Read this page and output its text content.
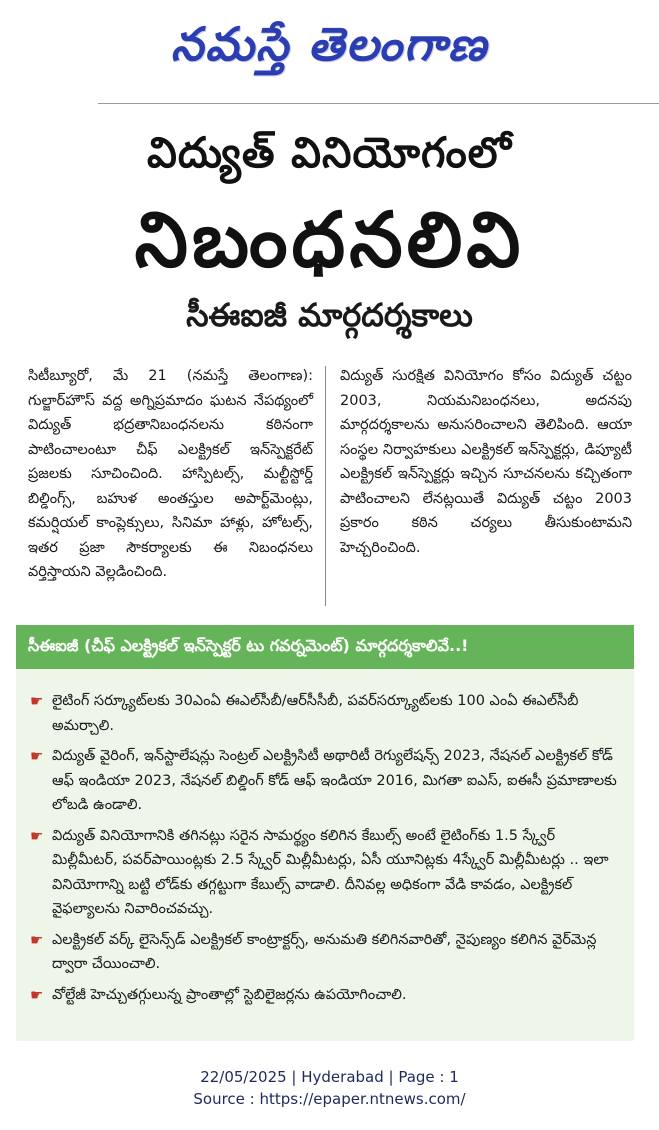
నమస్తే తెలంగాణ
విద్యుత్ వినియోగంలో
నిబంధనలివి
సీఈఐజీ మార్గదర్శకాలు
సిటీబ్యూరో, మే 21 (నమస్తే తెలంగాణ): గుల్జార్‌హౌస్ వద్ద అగ్నిప్రమాదం ఘటన నేపథ్యంలో విద్యుత్ భద్రతానిబంధనలను కఠినంగా పాటించాలంటూ చీఫ్ ఎలక్ట్రికల్ ఇన్‌స్పెక్టరేట్ ప్రజలకు సూచించింది. హాస్పిటల్స్, మల్టీస్టోర్డ్ బిల్డింగ్స్, బహుళ అంతస్తుల అపార్ట్‌మెంట్లు, కమర్షియల్ కాంప్లెక్సులు, సినిమా హాళ్లు, హోటల్స్, ఇతర ప్రజా సౌకర్యాలకు ఈ నిబంధనలు వర్తిస్తాయని వెల్లడించింది.
విద్యుత్ సురక్షిత వినియోగం కోసం విద్యుత్ చట్టం 2003, నియమనిబంధనలు, అదనపు మార్గదర్శకాలను అనుసరించాలని తెలిపింది. ఆయా సంస్థల నిర్వాహకులు ఎలక్ట్రికల్ ఇన్‌స్పెక్టర్లు, డిప్యూటీ ఎలక్ట్రికల్ ఇన్‌స్పెక్టర్లు ఇచ్చిన సూచనలను కచ్చితంగా పాటించాలని లేనట్లయితే విద్యుత్ చట్టం 2003 ప్రకారం కఠిన చర్యలు తీసుకుంటామని హెచ్చరించింది.
సీఈఐజీ (చీఫ్ ఎలక్ట్రికల్ ఇన్‌స్పెక్టర్ టు గవర్నమెంట్) మార్గదర్శకాలివే..!
☛ లైటింగ్ సర్క్యూట్‌లకు 30ఎంఏ ఈఎల్‌సీబీ/ఆర్‌సీసీబీ, పవర్‌సర్క్యూట్‌లకు 100 ఎంఏ ఈఎల్‌సీబీ అమర్చాలి.
☛ విద్యుత్ వైరింగ్, ఇన్‌స్టాలేషన్లు సెంట్రల్ ఎలక్ట్రిసిటీ అథారిటీ రెగ్యులేషన్స్ 2023, నేషనల్ ఎలక్ట్రికల్ కోడ్ ఆఫ్ ఇండియా 2023, నేషనల్ బిల్డింగ్ కోడ్ ఆఫ్ ఇండియా 2016, మిగతా ఐఎస్, ఐఈసీ ప్రమాణాలకు లోబడి ఉండాలి.
☛ విద్యుత్ వినియోగానికి తగినట్లు సరైన సామర్థ్యం కలిగిన కేబుల్స్ అంటే లైటింగ్‌కు 1.5 స్క్వేర్ మిల్లీమీటర్, పవర్‌పాయింట్లకు 2.5 స్క్వేర్ మిల్లీమీటర్లు, ఏసీ యూనిట్లకు 4స్క్వేర్ మిల్లీమీటర్లు .. ఇలా వినియోగాన్ని బట్టి లోడ్‌కు తగ్గట్టుగా కేబుల్స్ వాడాలి. దీనివల్ల అధికంగా వేడి కావడం, ఎలక్ట్రికల్ వైఫల్యాలను నివారించవచ్చు.
☛ ఎలక్ట్రికల్ వర్క్ లైసెన్స్‌డ్ ఎలక్ట్రికల్ కాంట్రాక్టర్స్, అనుమతి కలిగినవారితో, నైపుణ్యం కలిగిన వైర్‌మెన్ల ద్వారా చేయించాలి.
☛ వోల్టేజీ హెచ్చుతగ్గులున్న ప్రాంతాల్లో స్టెబిలైజర్లను ఉపయోగించాలి.
22/05/2025 | Hyderabad | Page : 1
Source : https://epaper.ntnews.com/
